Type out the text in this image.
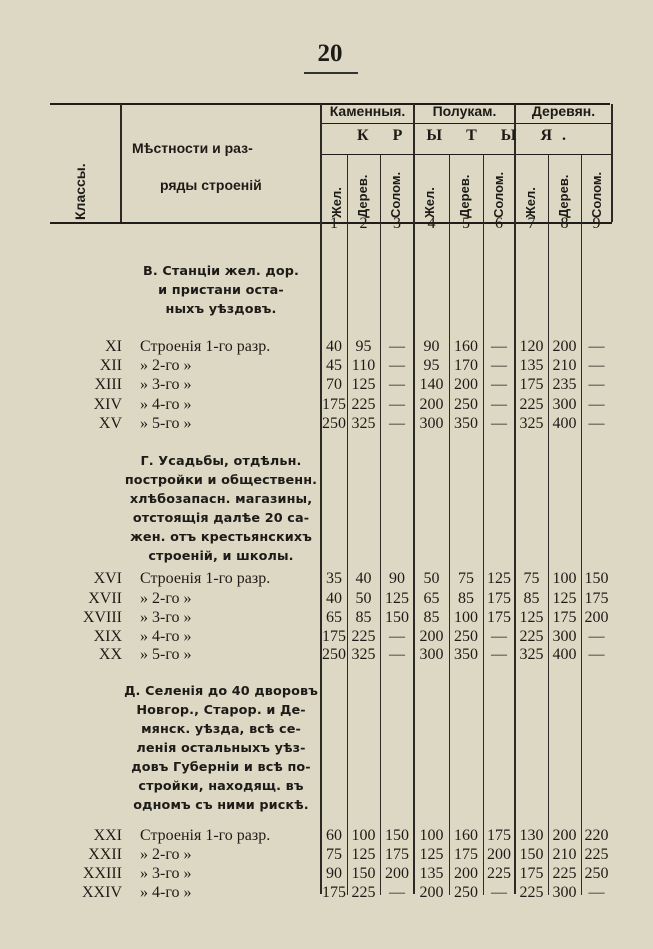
20
Классы.
Мѣстности и раз-
ряды строеній
Каменныя.	Полукам.	Деревян.
К Р Ы Т Ы Я.
Жел. Дерев. Солом. Жел. Дерев. Солом. Жел. Дерев. Солом.
1	2	3	4	5	6	7	8	9
В. Станціи жел. дор.
и пристани оста-
ныхъ уѣздовъ.
XI Строенія 1-го разр.	40 95	—	90 160 — 120 200 —
XII » 2-го »	45 110 —	95 170 — 135 210 —
XIII » 3-го »	70 125 — 140 200 — 175 235 —
XIV » 4-го »	175 225 — 200 250 — 225 300 —
XV » 5-го »	250 325 — 300 350 — 325 400 —
Г. Усадьбы, отдѣльн.
постройки и общественн.
хлѣбозапасн. магазины,
отстоящія далѣе 20 са-
жен. отъ крестьянскихъ
строеній, и школы.
XVI Строенія 1-го разр.	35 40	90	50	75 125 75 100 150
XVII » 2-го »	40 50 125 65	85 175 85 125 175
XVIII » 3-го »	65 85 150 85 100 175 125 175 200
XIX » 4-го »	175 225 — 200 250 — 225 300 —
XX » 5-го »	250 325 — 300 350 — 325 400 —
Д. Селенія до 40 дворовъ
Новгор., Старор. и Де-
мянск. уѣзда, всѣ се-
ленія остальныхъ уѣз-
довъ Губерніи и всѣ по-
стройки, находящ. въ
одномъ съ ними рискѣ.
XXI Строенія 1-го разр.	60 100 150 100 160 175 130 200 220
XXII » 2-го »	75 125 175 125 175 200 150 210 225
XXIII » 3-го »	90 150 200 135 200 225 175 225 250
XXIV » 4-го »	175 225 — 200 250 — 225 300 —
